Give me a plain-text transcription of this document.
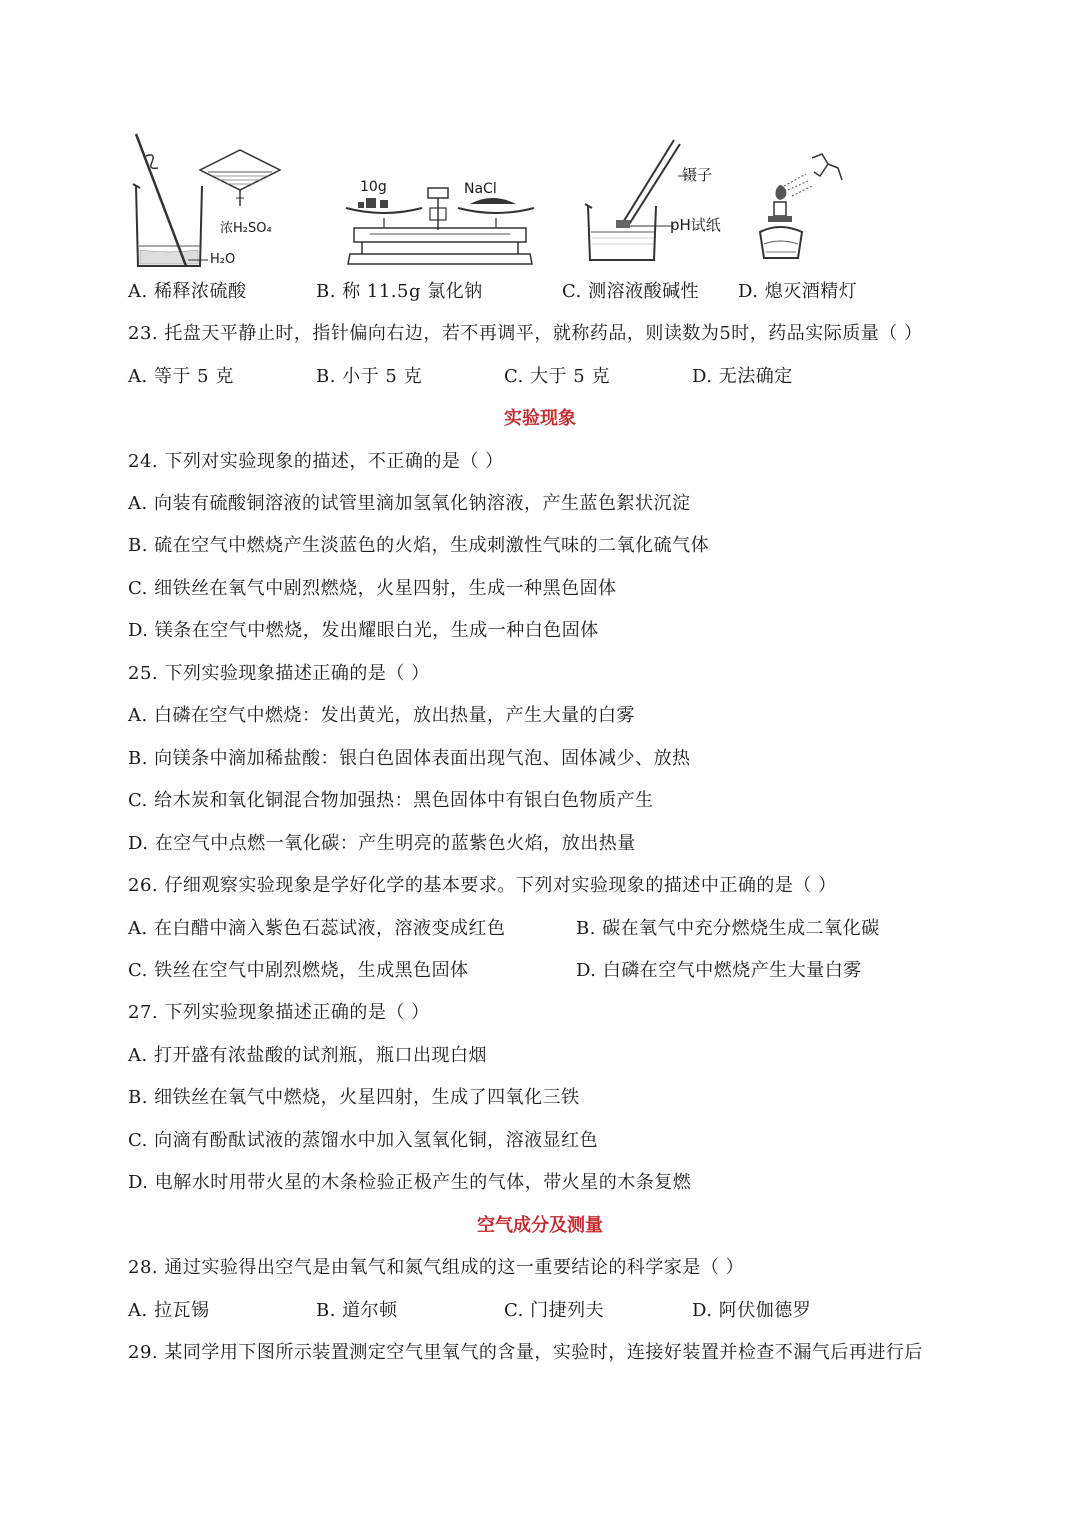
浓H₂SO₄
H₂O
10g	NaCl
镊子
pH试纸
A. 稀释浓硫酸	B. 称 11.5g 氯化钠	C. 测溶液酸碱性 D. 熄灭酒精灯
23. 托盘天平静止时，指针偏向右边，若不再调平，就称药品，则读数为5时，药品实际质量（ ）
A. 等于 5 克	B. 小于 5 克	C. 大于 5 克	D. 无法确定
实验现象
24. 下列对实验现象的描述，不正确的是（ ）
A. 向装有硫酸铜溶液的试管里滴加氢氧化钠溶液，产生蓝色絮状沉淀
B. 硫在空气中燃烧产生淡蓝色的火焰，生成刺激性气味的二氧化硫气体
C. 细铁丝在氧气中剧烈燃烧，火星四射，生成一种黑色固体
D. 镁条在空气中燃烧，发出耀眼白光，生成一种白色固体
25. 下列实验现象描述正确的是（ ）
A. 白磷在空气中燃烧：发出黄光，放出热量，产生大量的白雾
B. 向镁条中滴加稀盐酸：银白色固体表面出现气泡、固体减少、放热
C. 给木炭和氧化铜混合物加强热：黑色固体中有银白色物质产生
D. 在空气中点燃一氧化碳：产生明亮的蓝紫色火焰，放出热量
26. 仔细观察实验现象是学好化学的基本要求。下列对实验现象的描述中正确的是（ ）
A. 在白醋中滴入紫色石蕊试液，溶液变成红色	B. 碳在氧气中充分燃烧生成二氧化碳
C. 铁丝在空气中剧烈燃烧，生成黑色固体	D. 白磷在空气中燃烧产生大量白雾
27. 下列实验现象描述正确的是（ ）
A. 打开盛有浓盐酸的试剂瓶，瓶口出现白烟
B. 细铁丝在氧气中燃烧，火星四射，生成了四氧化三铁
C. 向滴有酚酞试液的蒸馏水中加入氢氧化铜，溶液显红色
D. 电解水时用带火星的木条检验正极产生的气体，带火星的木条复燃
空气成分及测量
28. 通过实验得出空气是由氧气和氮气组成的这一重要结论的科学家是（ ）
A. 拉瓦锡	B. 道尔顿	C. 门捷列夫	D. 阿伏伽德罗
29. 某同学用下图所示装置测定空气里氧气的含量，实验时，连接好装置并检查不漏气后再进行后
